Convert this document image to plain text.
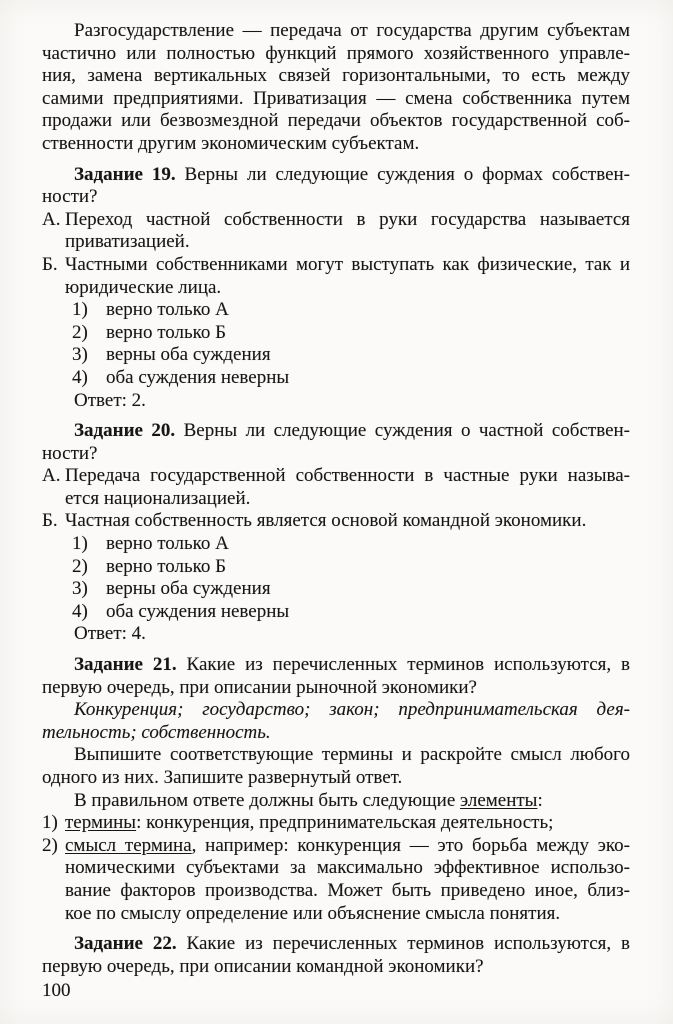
Разгосударствление — передача от государства другим субъектам
частично или полностью функций прямого хозяйственного управле-
ния, замена вертикальных связей горизонтальными, то есть между
самими предприятиями. Приватизация — смена собственника путем
продажи или безвозмездной передачи объектов государственной соб-
ственности другим экономическим субъектам.
Задание 19. Верны ли следующие суждения о формах собствен-
ности?
А. Переход частной собственности в руки государства называется
приватизацией.
Б. Частными собственниками могут выступать как физические, так и
юридические лица.
1) верно только А
2) верно только Б
3) верны оба суждения
4) оба суждения неверны
Ответ: 2.
Задание 20. Верны ли следующие суждения о частной собствен-
ности?
А. Передача государственной собственности в частные руки называ-
ется национализацией.
Б. Частная собственность является основой командной экономики.
1) верно только А
2) верно только Б
3) верны оба суждения
4) оба суждения неверны
Ответ: 4.
Задание 21. Какие из перечисленных терминов используются, в
первую очередь, при описании рыночной экономики?
Конкуренция; государство; закон; предпринимательская дея-
тельность; собственность.
Выпишите соответствующие термины и раскройте смысл любого
одного из них. Запишите развернутый ответ.
В правильном ответе должны быть следующие элементы:
1) термины: конкуренция, предпринимательская деятельность;
2) смысл термина, например: конкуренция — это борьба между эко-
номическими субъектами за максимально эффективное использо-
вание факторов производства. Может быть приведено иное, близ-
кое по смыслу определение или объяснение смысла понятия.
Задание 22. Какие из перечисленных терминов используются, в
первую очередь, при описании командной экономики?
100
